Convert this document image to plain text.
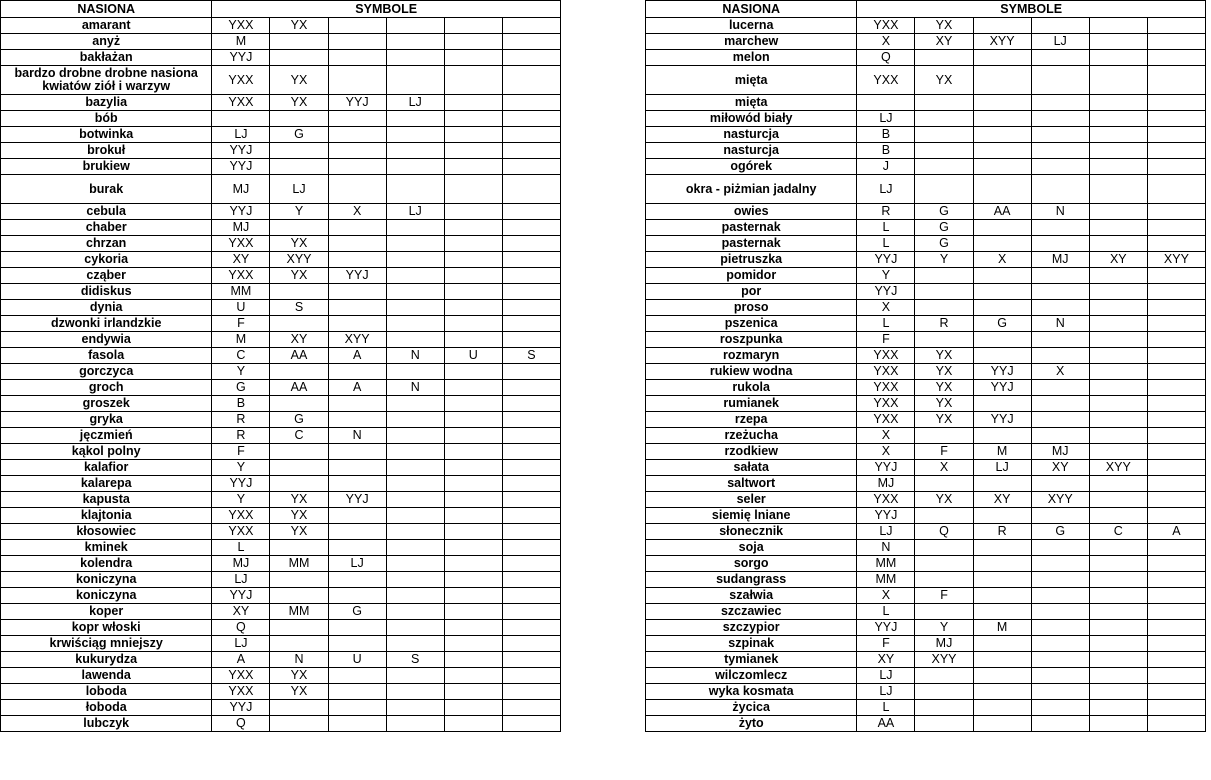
NASIONA	SYMBOLE					
amarant	YXX	YX				
anyż	M					
bakłażan	YYJ					
bardzo drobne drobne nasiona kwiatów ziół i warzyw	YXX	YX				
bazylia	YXX	YX	YYJ	LJ		
bób						
botwinka	LJ	G				
brokuł	YYJ					
brukiew	YYJ					
burak	MJ	LJ				
cebula	YYJ	Y	X	LJ		
chaber	MJ					
chrzan	YXX	YX				
cykoria	XY	XYY				
cząber	YXX	YX	YYJ			
didiskus	MM					
dynia	U	S				
dzwonki irlandzkie	F					
endywia	M	XY	XYY			
fasola	C	AA	A	N	U	S
gorczyca	Y					
groch	G	AA	A	N		
groszek	B					
gryka	R	G				
jęczmień	R	C	N			
kąkol polny	F					
kalafior	Y					
kalarepa	YYJ					
kapusta	Y	YX	YYJ			
klajtonia	YXX	YX				
kłosowiec	YXX	YX				
kminek	L					
kolendra	MJ	MM	LJ			
koniczyna	LJ					
koniczyna	YYJ					
koper	XY	MM	G			
kopr włoski	Q					
krwiściąg mniejszy	LJ					
kukurydza	A	N	U	S		
lawenda	YXX	YX				
loboda	YXX	YX				
łoboda	YYJ					
lubczyk	Q					
NASIONA	SYMBOLE					
lucerna	YXX	YX				
marchew	X	XY	XYY	LJ		
melon	Q					
mięta	YXX	YX				
mięta						
miłowód biały	LJ					
nasturcja	B					
nasturcja	B					
ogórek	J					
okra - piżmian jadalny	LJ					
owies	R	G	AA	N		
pasternak	L	G				
pasternak	L	G				
pietruszka	YYJ	Y	X	MJ	XY	XYY
pomidor	Y					
por	YYJ					
proso	X					
pszenica	L	R	G	N		
roszpunka	F					
rozmaryn	YXX	YX				
rukiew wodna	YXX	YX	YYJ	X		
rukola	YXX	YX	YYJ			
rumianek	YXX	YX				
rzepa	YXX	YX	YYJ			
rzeżucha	X					
rzodkiew	X	F	M	MJ		
sałata	YYJ	X	LJ	XY	XYY	
saltwort	MJ					
seler	YXX	YX	XY	XYY		
siemię lniane	YYJ					
słonecznik	LJ	Q	R	G	C	A
soja	N					
sorgo	MM					
sudangrass	MM					
szałwia	X	F				
szczawiec	L					
szczypior	YYJ	Y	M			
szpinak	F	MJ				
tymianek	XY	XYY				
wilczomlecz	LJ					
wyka kosmata	LJ					
życica	L					
żyto	AA					
